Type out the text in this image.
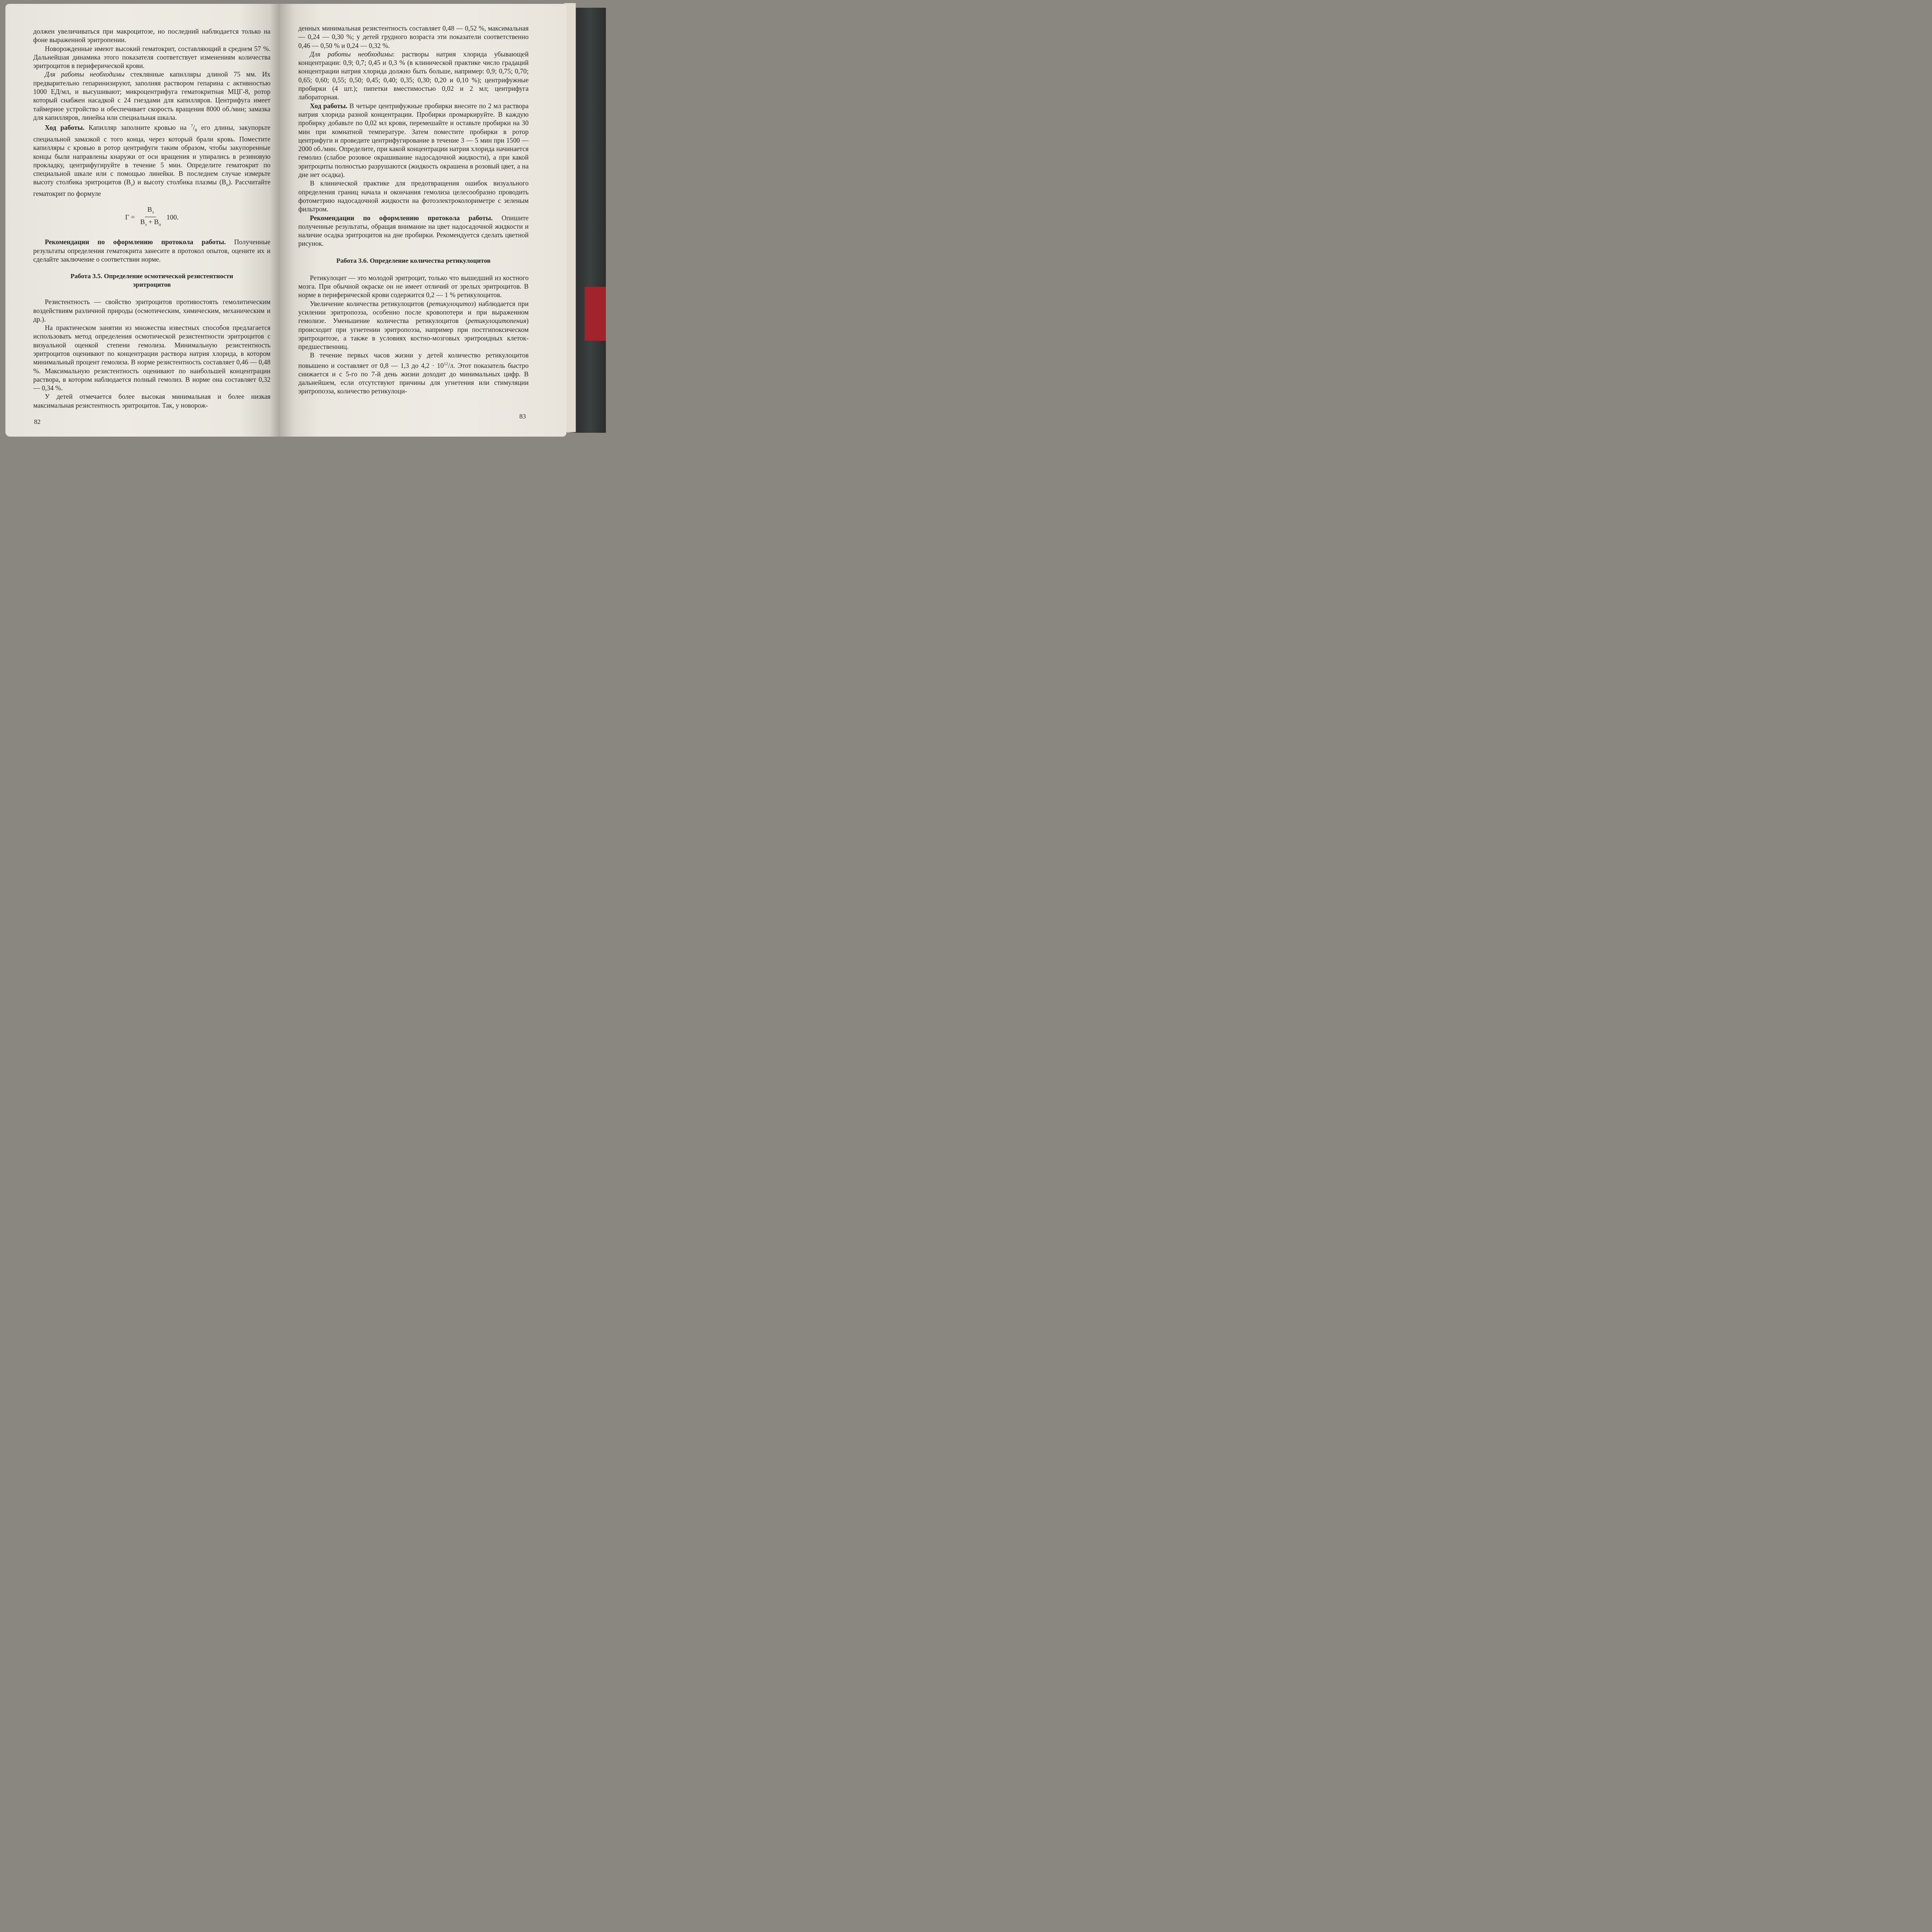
должен увеличиваться при макроцитозе, но последний наблюдается только на фоне выраженной эритропении.

Новорожденные имеют высокий гематокрит, составляющий в среднем 57 %. Дальнейшая динамика этого показателя соответствует изменениям количества эритроцитов в периферической крови.

Для работы необходимы стеклянные капилляры длиной 75 мм. Их предварительно гепаринизируют, заполняя раствором гепарина с активностью 1000 ЕД/мл, и высушивают; микроцентрифуга гематокритная МЦГ-8, ротор который снабжен насадкой с 24 гнездами для капилляров. Центрифуга имеет таймерное устройство и обеспечивает скорость вращения 8000 об./мин; замазка для капилляров, линейка или специальная шкала.

Ход работы. Капилляр заполните кровью на $^7/_8$ его длины, закупорьте специальной замазкой с того конца, через который брали кровь. Поместите капилляры с кровью в ротор центрифуги таким образом, чтобы закупоренные концы были направлены кнаружи от оси вращения и упирались в резиновую прокладку, центрифугируйте в течение 5 мин. Определите гематокрит по специальной шкале или с помощью линейки. В последнем случае измерьте высоту столбика эритроцитов $(В_э)$ и высоту столбика плазмы $(В_п)$. Рассчитайте гематокрит по формуле

$Г = \frac{В_э}{В_э + В_п} 100$.

Рекомендации по оформлению протокола работы. Полученные результаты определения гематокрита занесите в протокол опытов, оцените их и сделайте заключение о соответствии норме.

Работа 3.5. Определение осмотической резистентности
эритроцитов

Резистентность — свойство эритроцитов противостоять гемолитическим воздействиям различной природы (осмотическим, химическим, механическим и др.).

На практическом занятии из множества известных способов предлагается использовать метод определения осмотической резистентности эритроцитов с визуальной оценкой степени гемолиза. Минимальную резистентность эритроцитов оценивают по концентрации раствора натрия хлорида, в котором минимальный процент гемолиза. В норме резистентность составляет 0,46 — 0,48 %. Максимальную резистентность оценивают по наибольшей концентрации раствора, в котором наблюдается полный гемолиз. В норме она составляет 0,32 — 0,34 %.

У детей отмечается более высокая минимальная и более низкая максимальная резистентность эритроцитов. Так, у новорож-

82

денных минимальная резистентность составляет 0,48 — 0,52 %, максимальная — 0,24 — 0,30 %; у детей грудного возраста эти показатели соответственно 0,46 — 0,50 % и 0,24 — 0,32 %.

Для работы необходимы: растворы натрия хлорида убывающей концентрации: 0,9; 0,7; 0,45 и 0,3 % (в клинической практике число градаций концентрации натрия хлорида должно быть больше, например: 0,9; 0,75; 0,70; 0,65; 0,60; 0,55; 0,50; 0,45; 0,40; 0,35; 0,30; 0,20 и 0,10 %); центрифужные пробирки (4 шт.); пипетки вместимостью 0,02 и 2 мл; центрифуга лабораторная.

Ход работы. В четыре центрифужные пробирки внесите по 2 мл раствора натрия хлорида разной концентрации. Пробирки промаркируйте. В каждую пробирку добавьте по 0,02 мл крови, перемешайте и оставьте пробирки на 30 мин при комнатной температуре. Затем поместите пробирки в ротор центрифуги и проведите центрифугирование в течение 3 — 5 мин при 1500 — 2000 об./мин. Определите, при какой концентрации натрия хлорида начинается гемолиз (слабое розовое окрашивание надосадочной жидкости), а при какой эритроциты полностью разрушаются (жидкость окрашена в розовый цвет, а на дне нет осадка).

В клинической практике для предотвращения ошибок визуального определения границ начала и окончания гемолиза целесообразно проводить фотометрию надосадочной жидкости на фотоэлектроколориметре с зеленым фильтром.

Рекомендации по оформлению протокола работы. Опишите полученные результаты, обращая внимание на цвет надосадочной жидкости и наличие осадка эритроцитов на дне пробирки. Рекомендуется сделать цветной рисунок.

Работа 3.6. Определение количества ретикулоцитов

Ретикулоцит — это молодой эритроцит, только что вышедший из костного мозга. При обычной окраске он не имеет отличий от зрелых эритроцитов. В норме в периферической крови содержится 0,2 — 1 % ретикулоцитов.

Увеличение количества ретикулоцитов (ретикулоцитоз) наблюдается при усилении эритропоэза, особенно после кровопотери и при выраженном гемолизе. Уменьшение количества ретикулоцитов (ретикулоцитопения) происходит при угнетении эритропоэза, например при постгипоксическом эритроцитозе, а также в условиях костно-мозговых эритроидных клеток-предшественниц.

В течение первых часов жизни у детей количество ретикулоцитов повышено и составляет от 0,8 — 1,3 до $4,2 \cdot 10^{12}/л$. Этот показатель быстро снижается и с 5-го по 7-й день жизни доходит до минимальных цифр. В дальнейшем, если отсутствуют причины для угнетения или стимуляции эритропоэза, количество ретикулоци-

83
